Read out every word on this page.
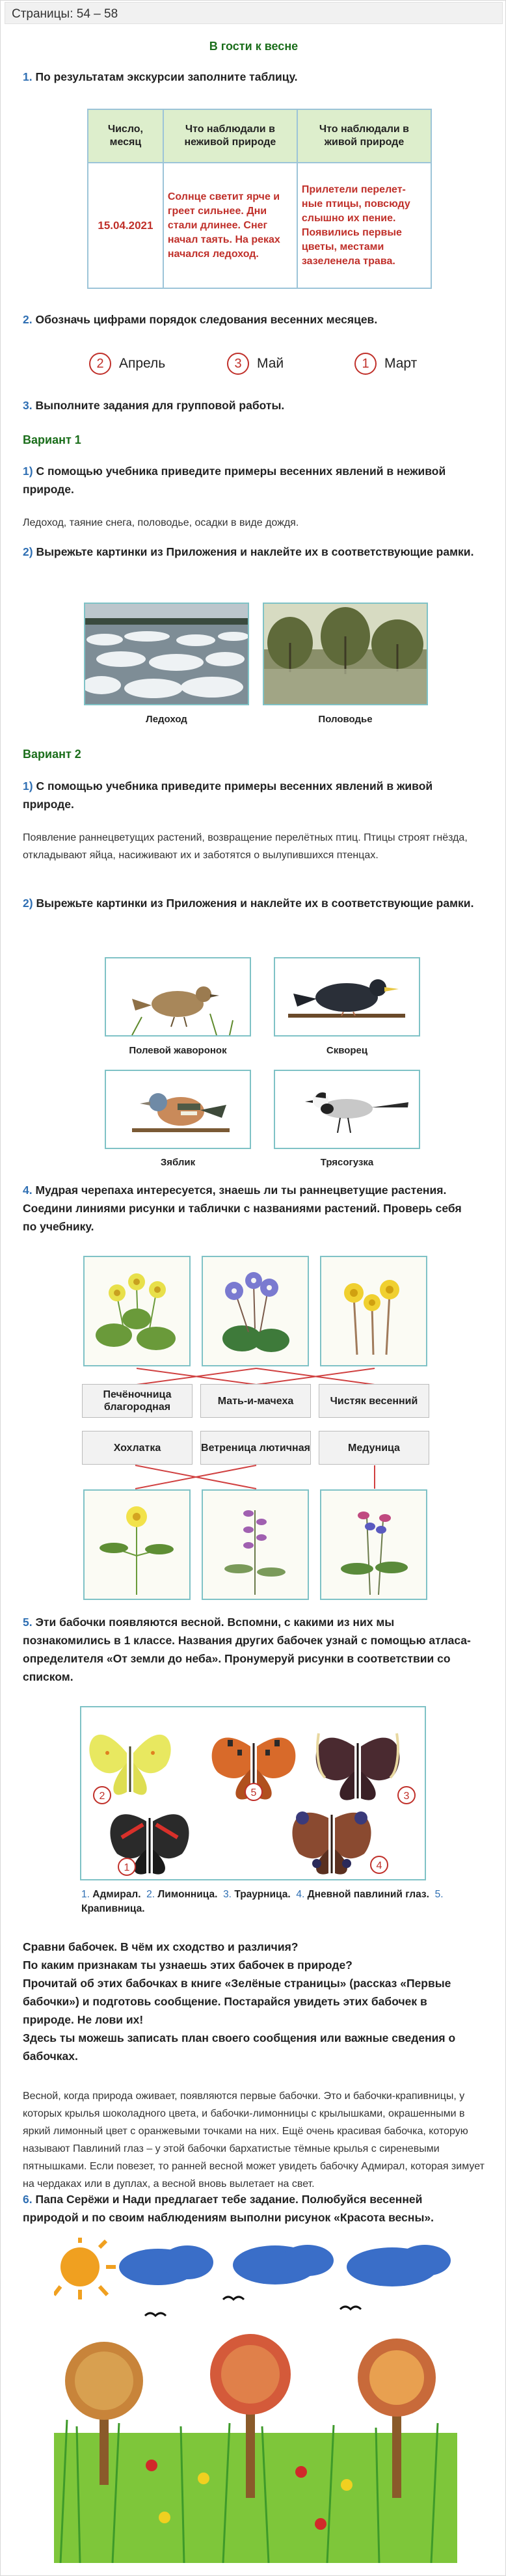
Страницы: 54 – 58
В гости к весне
1. По результатам экскурсии заполните таблицу.
Число, месяц	Что наблюдали в неживой природе	Что наблюдали в живой природе
15.04.2021	Солнце светит ярче и греет сильнее. Дни стали длинее. Снег начал таять. На реках начался ледоход.	Прилетели перелет-ные птицы, повсюду слышно их пение. Появились первые цветы, местами зазеленела трава.
2. Обозначь цифрами порядок следования весенних месяцев.
2	Апрель	3	Май	1	Март
3. Выполните задания для групповой работы.
Вариант 1
1) С помощью учебника приведите примеры весенних явлений в неживой природе.
Ледоход, таяние снега, половодье, осадки в виде дождя.
2) Вырежьте картинки из Приложения и наклейте их в соответствующие рамки.
Ледоход	Половодье
Вариант 2
1) С помощью учебника приведите примеры весенних явлений в живой природе.
Появление раннецветущих растений, возвращение перелётных птиц. Птицы строят гнёзда, откладывают яйца, насиживают их и заботятся о вылупившихся птенцах.
2) Вырежьте картинки из Приложения и наклейте их в соответствующие рамки.
Полевой жаворонок	Скворец
Зяблик	Трясогузка
4. Мудрая черепаха интересуется, знаешь ли ты раннецветущие растения. Соедини линиями рисунки и таблички с названиями растений. Проверь себя по учебнику.
Печёночница благородная
Мать-и-мачеха	Чистяк весенний
Хохлатка	Ветреница лютичная	Медуница
5. Эти бабочки появляются весной. Вспомни, с какими из них мы познакомились в 1 классе. Названия других бабочек узнай с помощью атласа-определителя «От земли до неба». Пронумеруй рисунки в соответствии со списком.
2	5	3
1	4
1. Адмирал. 2. Лимонница. 3. Траурница. 4. Дневной павлиний глаз. 5. Крапивница.
Сравни бабочек. В чём их сходство и различия?
По каким признакам ты узнаешь этих бабочек в природе?
Прочитай об этих бабочках в книге «Зелёные страницы» (рассказ «Первые бабочки») и подготовь сообщение. Постарайся увидеть этих бабочек в природе. Не лови их!
Здесь ты можешь записать план своего сообщения или важные сведения о бабочках.
Весной, когда природа оживает, появляются первые бабочки. Это и бабочки-крапивницы, у которых крылья шоколадного цвета, и бабочки-лимонницы с крылышками, окрашенными в яркий лимонный цвет с оранжевыми точками на них. Ещё очень красивая бабочка, которую называют Павлиний глаз – у этой бабочки бархатистые тёмные крылья с сиреневыми пятнышками. Если повезет, то ранней весной может увидеть бабочку Адмирал, которая зимует на чердаках или в дуплах, а весной вновь вылетает на свет.
6. Папа Серёжи и Нади предлагает тебе задание. Полюбуйся весенней природой и по своим наблюдениям выполни рисунок «Красота весны».
